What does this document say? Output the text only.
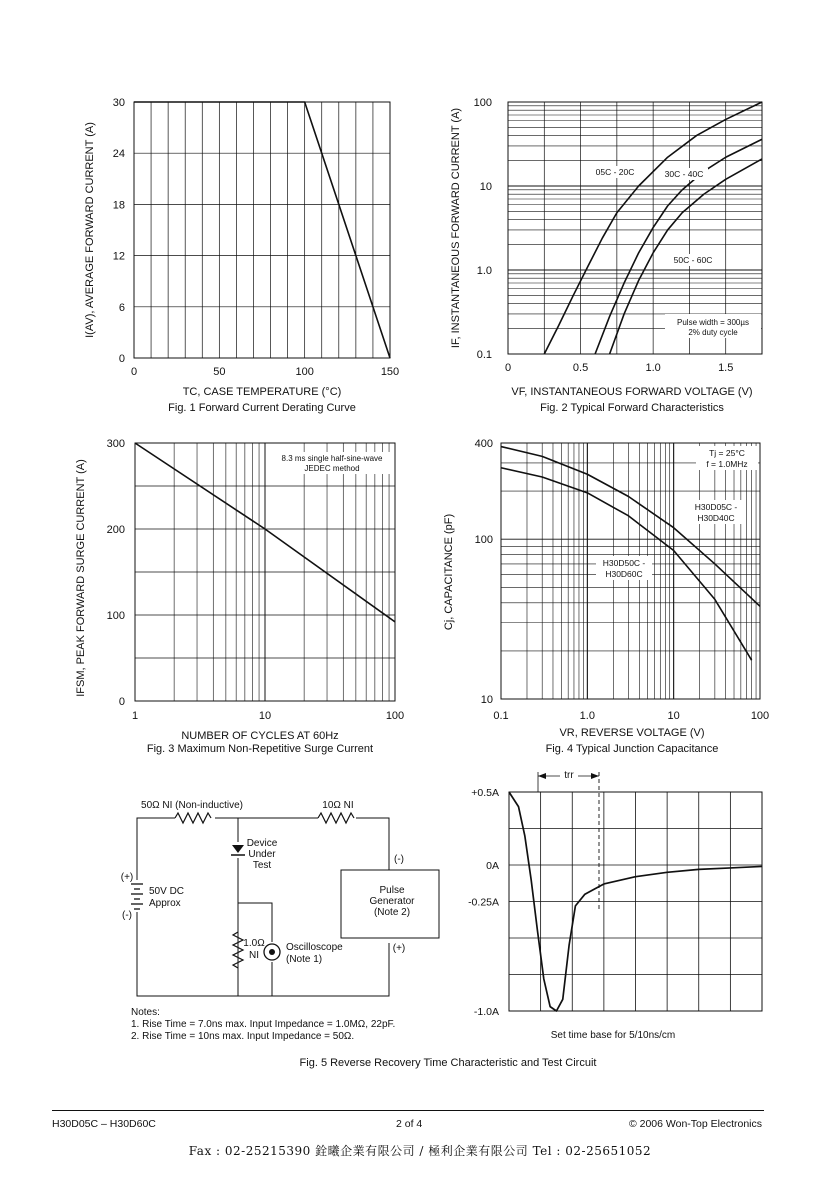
0
6
12
18
24
30
0	50	100	150
TC, CASE TEMPERATURE (°C)
I(AV), AVERAGE FORWARD CURRENT (A)
Fig. 1 Forward Current Derating Curve
0.1
1.0
10
100
0	0.5	1.0	1.5
05C - 20C	30C - 40C
50C - 60C
Pulse width = 300µs
2% duty cycle
VF, INSTANTANEOUS FORWARD VOLTAGE (V)
IF, INSTANTANEOUS FORWARD CURRENT (A)
Fig. 2 Typical Forward Characteristics
0
100
200
300
1	10	100
8.3 ms single half-sine-wave
JEDEC method
NUMBER OF CYCLES AT 60Hz
IFSM, PEAK FORWARD SURGE CURRENT (A)
Fig. 3 Maximum Non-Repetitive Surge Current
10
100
400
0.1	1.0	10	100
Tj = 25°C
f = 1.0MHz
H30D05C -
H30D40C
H30D50C -
H30D60C
VR, REVERSE VOLTAGE (V)
Cj, CAPACITANCE (pF)
Fig. 4 Typical Junction Capacitance
+0.5A
0A
-0.25A
-1.0A
trr
Set time base for 5/10ns/cm
Fig. 5 Reverse Recovery Time Characteristic and Test Circuit
50Ω NI (Non-inductive)	10Ω NI
Device
Under
Test
(+)
(-)
50V DC
Approx
1.0Ω
NI
Oscilloscope
(Note 1)
Pulse
Generator
(Note 2)
(-)
(+)
Notes:
1. Rise Time = 7.0ns max. Input Impedance = 1.0MΩ, 22pF.
2. Rise Time = 10ns max. Input Impedance = 50Ω.
H30D05C – H30D60C	2 of 4	© 2006 Won-Top Electronics
Fax : 02-25215390 銓曦企業有限公司 / 極利企業有限公司 Tel : 02-25651052
